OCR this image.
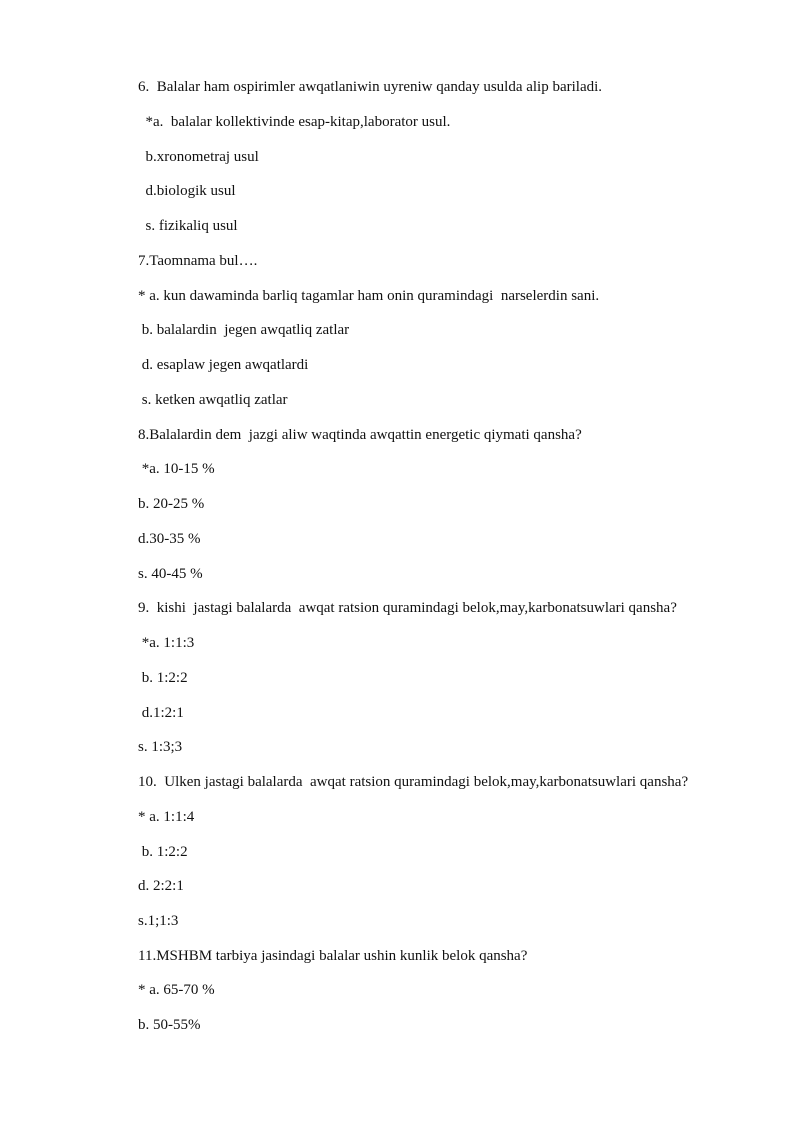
6.  Balalar ham ospirimler awqatlaniwin uyreniw qanday usulda alip bariladi.
*a.  balalar kollektivinde esap-kitap,laborator usul.
b.xronometraj usul
d.biologik usul
s. fizikaliq usul
7.Taomnama bul….
* a. kun dawaminda barliq tagamlar ham onin quramindagi  narselerdin sani.
b. balalardin  jegen awqatliq zatlar
d. esaplaw jegen awqatlardi
s. ketken awqatliq zatlar
8.Balalardin dem  jazgi aliw waqtinda awqattin energetic qiymati qansha?
*a. 10-15 %
b. 20-25 %
d.30-35 %
s. 40-45 %
9.  kishi  jastagi balalarda  awqat ratsion quramindagi belok,may,karbonatsuwlari qansha?
*a. 1:1:3
b. 1:2:2
d.1:2:1
s. 1:3;3
10.  Ulken jastagi balalarda  awqat ratsion quramindagi belok,may,karbonatsuwlari qansha?
* a. 1:1:4
b. 1:2:2
d. 2:2:1
s.1;1:3
11.MSHBM tarbiya jasindagi balalar ushin kunlik belok qansha?
* a. 65-70 %
b. 50-55%
